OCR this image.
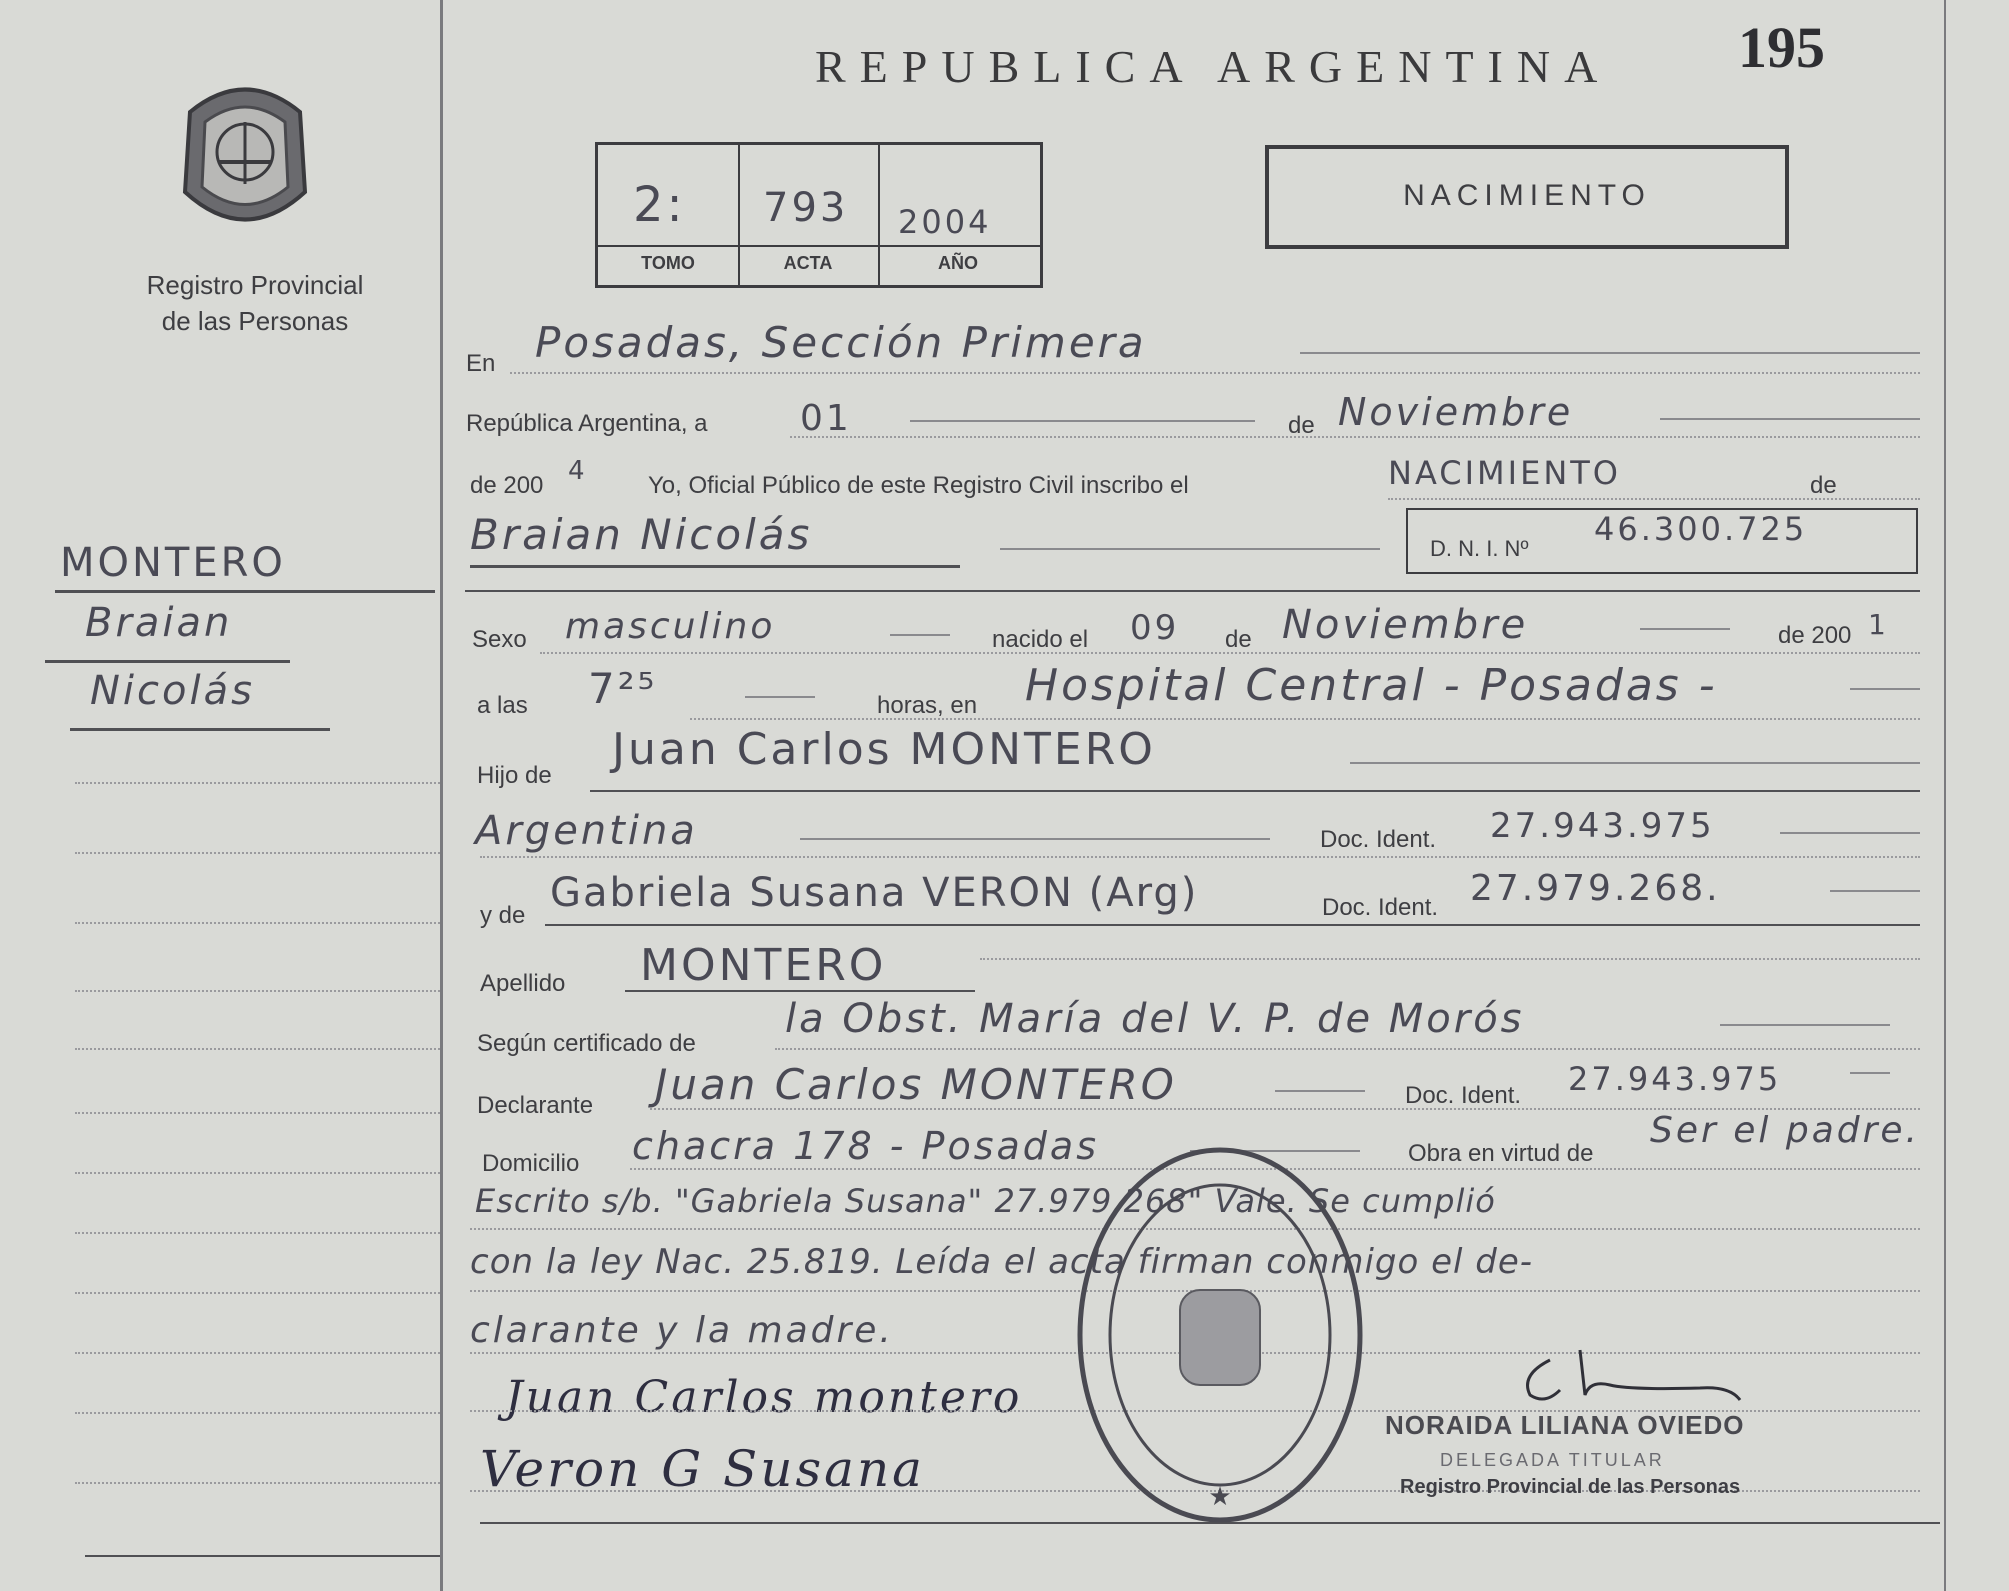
Registro Provincial
de las Personas
MONTERO
Braian
Nicolás
REPUBLICA ARGENTINA 195
2: 793 2004
TOMO	ACTA	AÑO
NACIMIENTO
En Posadas, Sección Primera
República Argentina, a	01	de Noviembre
de 200 4	Yo, Oficial Público de este Registro Civil inscribo el	NACIMIENTO	de
Braian Nicolás	D. N. I. Nº
46.300.725
Sexo masculino	nacido el 09 de Noviembre	de 200 1
a las 7²⁵	horas, en Hospital Central - Posadas -
Hijo de
Juan Carlos MONTERO
Argentina	Doc. Ident. 27.943.975
y de Gabriela Susana VERON (Arg)	Doc. Ident. 27.979.268.
Apellido MONTERO
Según certificado de
la Obst. María del V. P. de Morós
Declarante Juan Carlos MONTERO	Doc. Ident. 27.943.975
Domicilio chacra 178 - Posadas	Obra en virtud de
Ser el padre.
Escrito s/b. "Gabriela Susana" 27.979.268" Vale. Se cumplió
con la ley Nac. 25.819. Leída el acta firman conmigo el de-
clarante y la madre.
Juan Carlos montero
Veron G Susana
NORAIDA LILIANA OVIEDO
DELEGADA TITULAR
Registro Provincial de las Personas
★
